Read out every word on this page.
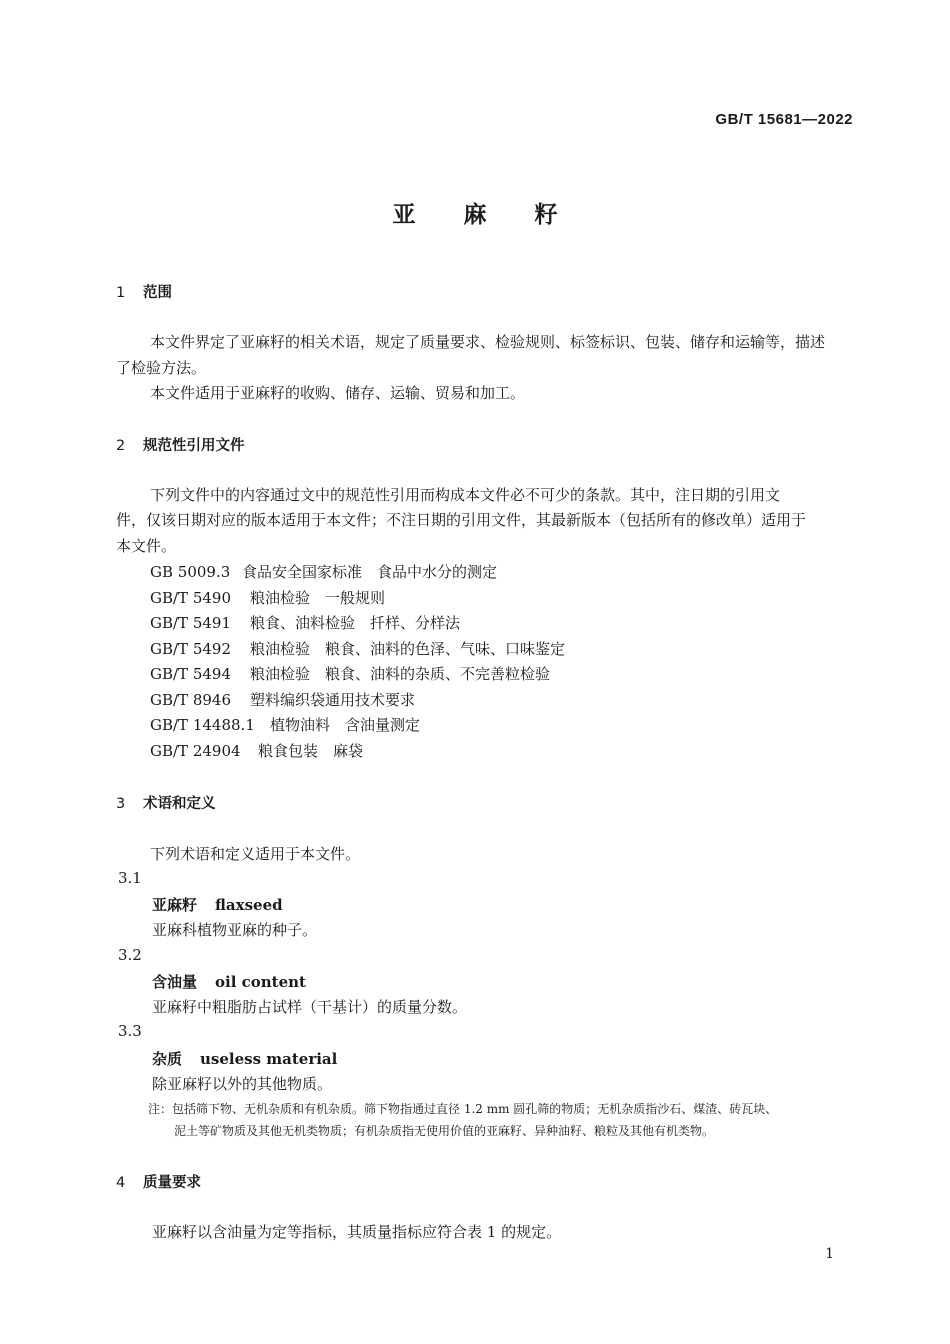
GB/T 15681—2022
亚麻籽
1 范围
本文件界定了亚麻籽的相关术语，规定了质量要求、检验规则、标签标识、包装、储存和运输等，描述
了检验方法。
本文件适用于亚麻籽的收购、储存、运输、贸易和加工。
2 规范性引用文件
下列文件中的内容通过文中的规范性引用而构成本文件必不可少的条款。其中，注日期的引用文
件，仅该日期对应的版本适用于本文件；不注日期的引用文件，其最新版本（包括所有的修改单）适用于
本文件。
GB 5009.3 食品安全国家标准　食品中水分的测定
GB/T 5490 粮油检验　一般规则
GB/T 5491 粮食、油料检验　扦样、分样法
GB/T 5492 粮油检验　粮食、油料的色泽、气味、口味鉴定
GB/T 5494 粮油检验　粮食、油料的杂质、不完善粒检验
GB/T 8946 塑料编织袋通用技术要求
GB/T 14488.1 植物油料　含油量测定
GB/T 24904 粮食包装　麻袋
3 术语和定义
下列术语和定义适用于本文件。
3.1
亚麻籽 flaxseed
亚麻科植物亚麻的种子。
3.2
含油量 oil content
亚麻籽中粗脂肪占试样（干基计）的质量分数。
3.3
杂质 useless material
除亚麻籽以外的其他物质。
注：包括筛下物、无机杂质和有机杂质。筛下物指通过直径 1.2 mm 圆孔筛的物质；无机杂质指沙石、煤渣、砖瓦块、
泥土等矿物质及其他无机类物质；有机杂质指无使用价值的亚麻籽、异种油籽、粮粒及其他有机类物。
4 质量要求
亚麻籽以含油量为定等指标，其质量指标应符合表 1 的规定。
1
